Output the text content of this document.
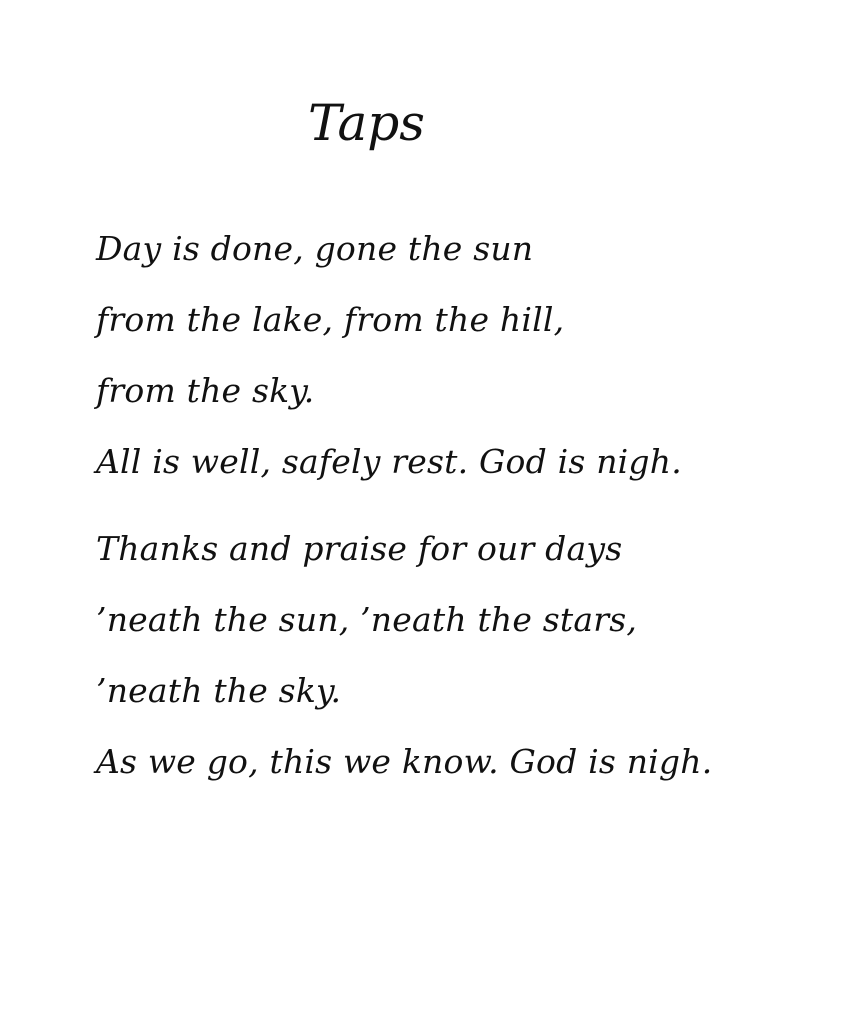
Taps
Day is done, gone the sun
from the lake, from the hill,
from the sky.
All is well, safely rest. God is nigh.
Thanks and praise for our days
’neath the sun, ’neath the stars,
’neath the sky.
As we go, this we know. God is nigh.
